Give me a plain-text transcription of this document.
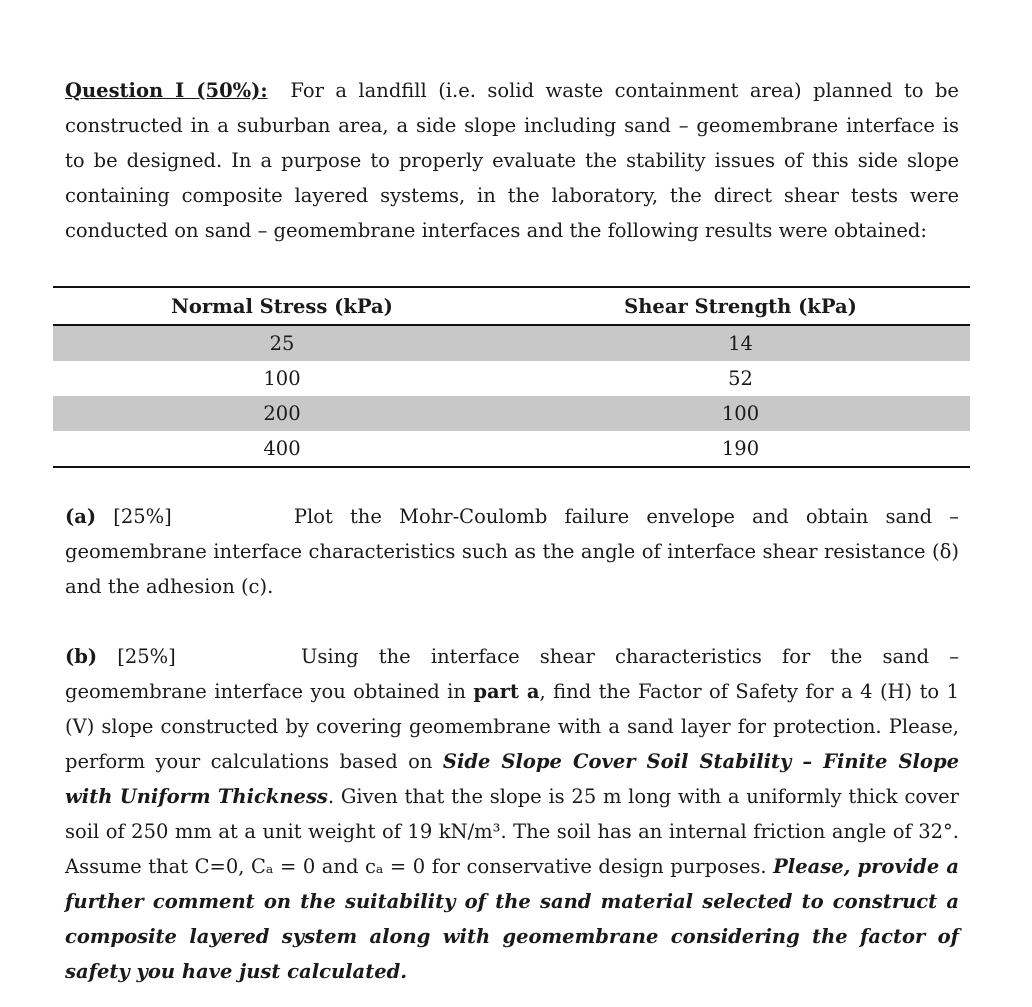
Question I (50%): For a landfill (i.e. solid waste containment area) planned to be constructed in a suburban area, a side slope including sand – geomembrane interface is to be designed. In a purpose to properly evaluate the stability issues of this side slope containing composite layered systems, in the laboratory, the direct shear tests were conducted on sand – geomembrane interfaces and the following results were obtained:

Normal Stress (kPa)	Shear Strength (kPa)
25	14
100	52
200	100
400	190

(a) [25%]	Plot the Mohr-Coulomb failure envelope and obtain sand – geomembrane interface characteristics such as the angle of interface shear resistance (δ) and the adhesion (c).

(b) [25%]	Using the interface shear characteristics for the sand – geomembrane interface you obtained in part a, find the Factor of Safety for a 4 (H) to 1 (V) slope constructed by covering geomembrane with a sand layer for protection. Please, perform your calculations based on Side Slope Cover Soil Stability – Finite Slope with Uniform Thickness. Given that the slope is 25 m long with a uniformly thick cover soil of 250 mm at a unit weight of 19 kN/m³. The soil has an internal friction angle of 32°. Assume that C=0, Cₐ = 0 and cₐ = 0 for conservative design purposes. Please, provide a further comment on the suitability of the sand material selected to construct a composite layered system along with geomembrane considering the factor of safety you have just calculated.
